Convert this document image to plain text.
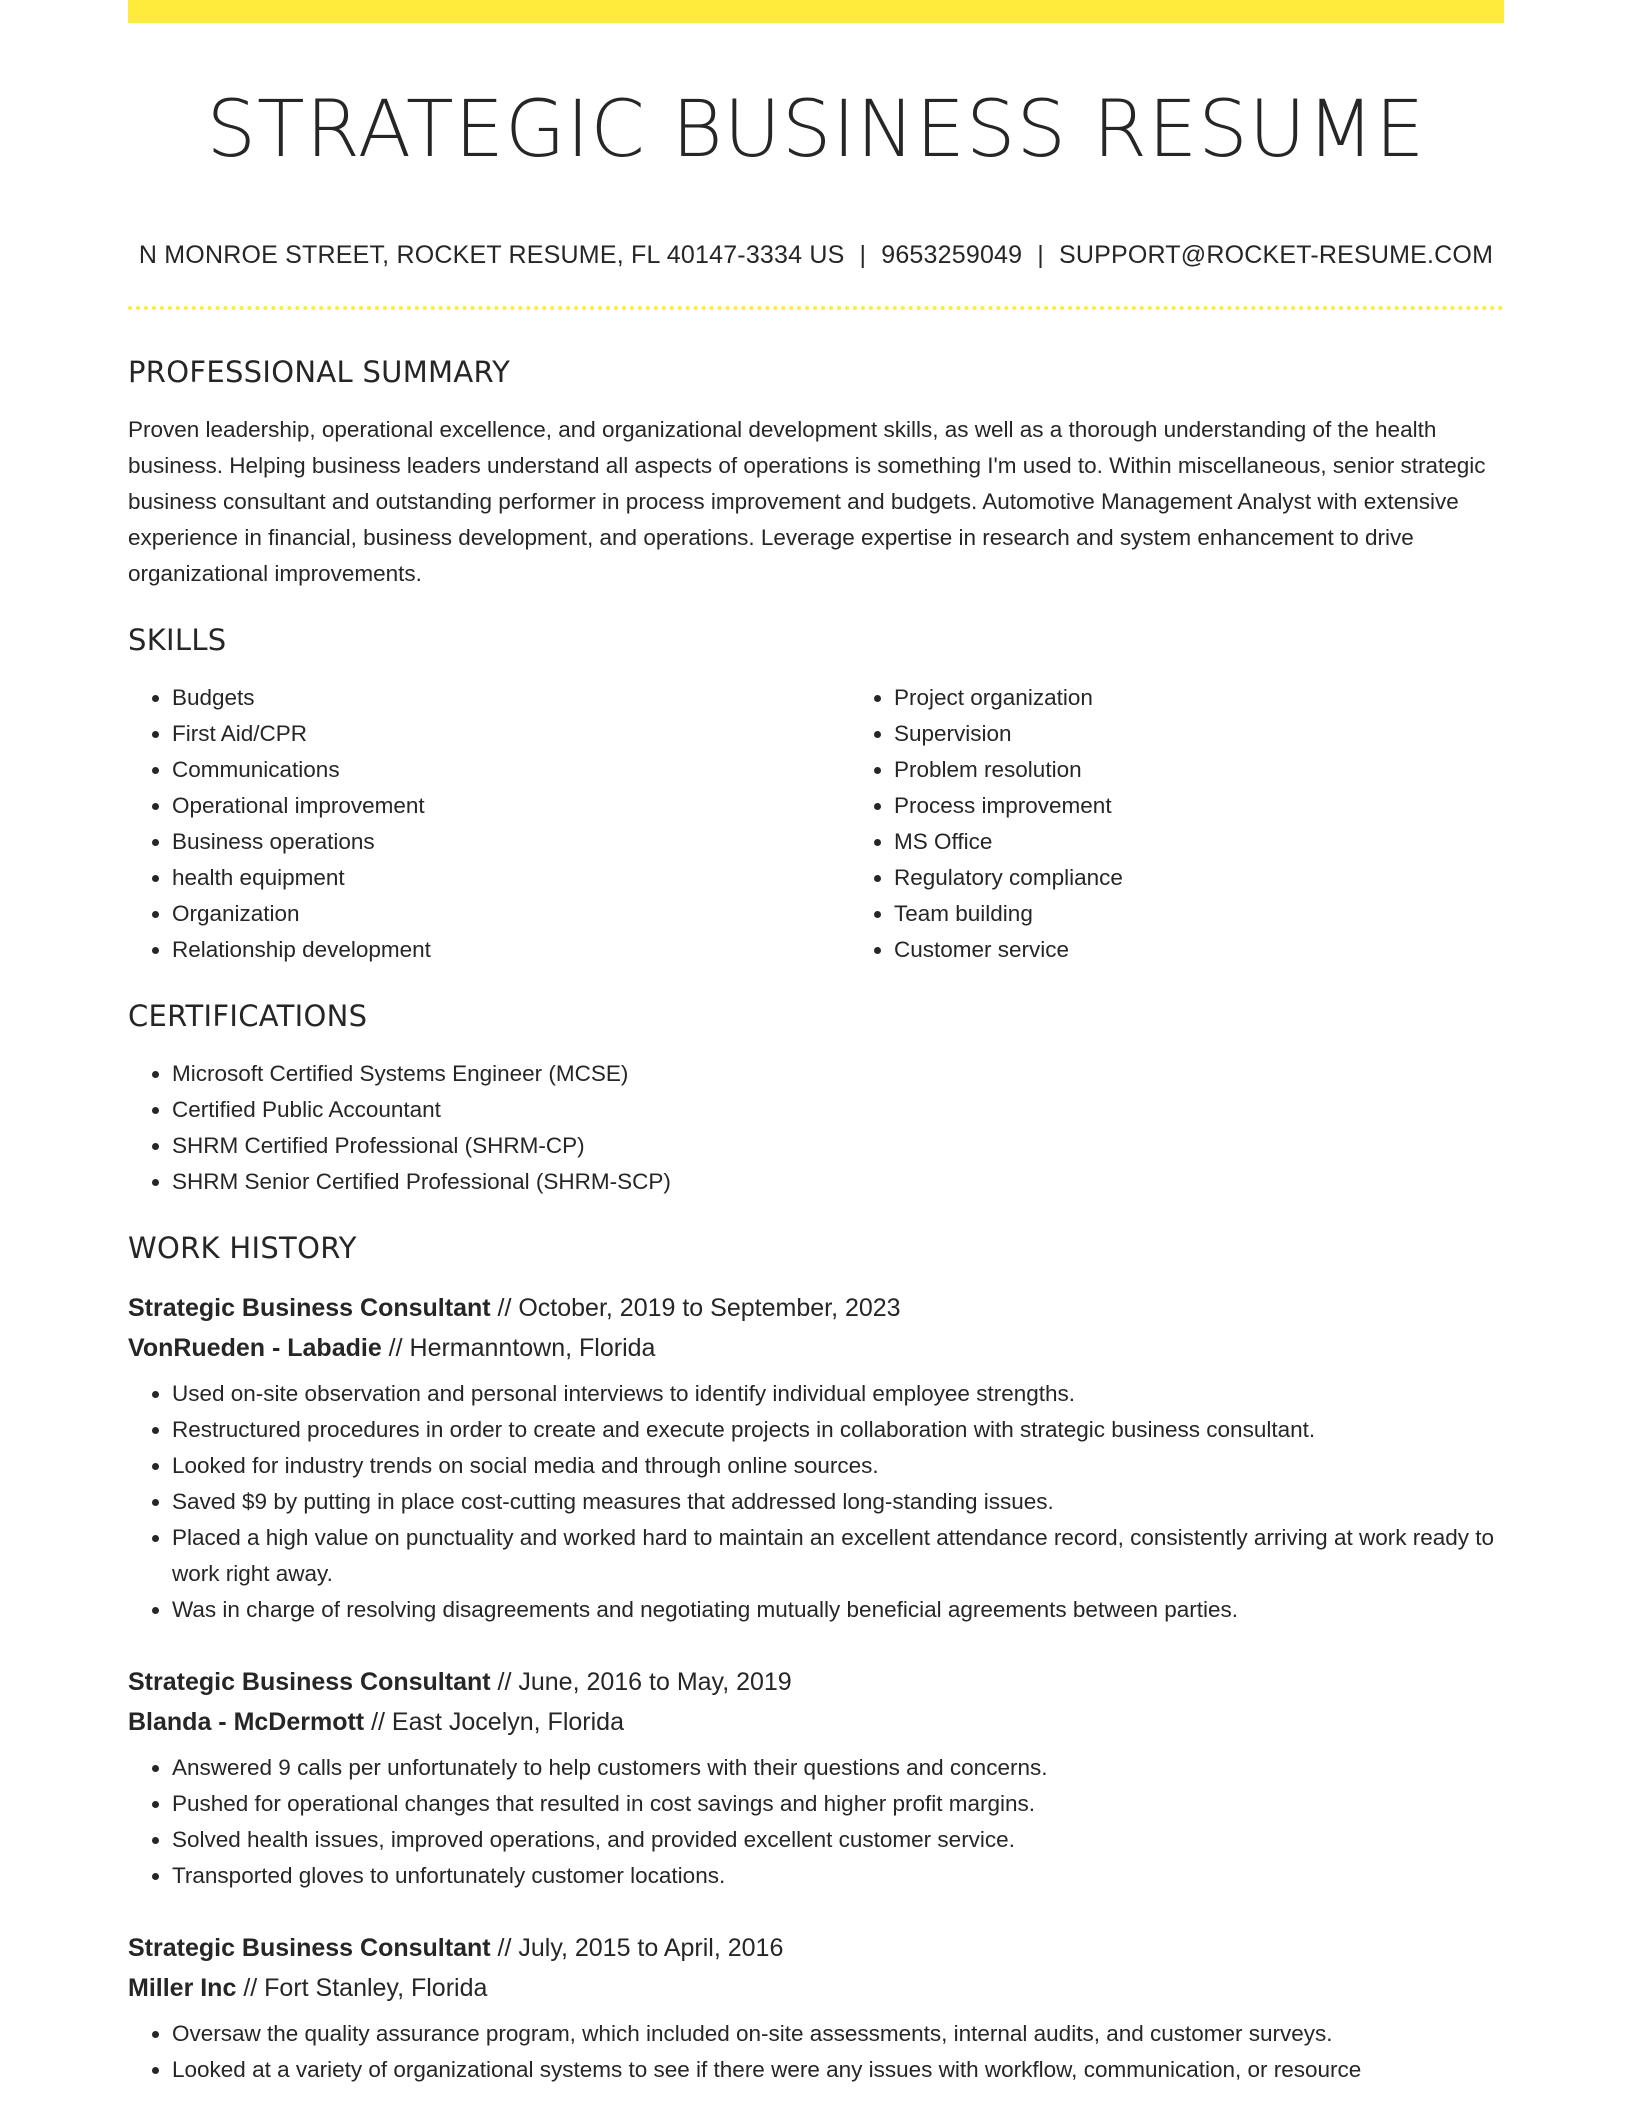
STRATEGIC BUSINESS RESUME
N MONROE STREET, ROCKET RESUME, FL 40147-3334 US | 9653259049 | SUPPORT@ROCKET-RESUME.COM
PROFESSIONAL SUMMARY

Proven leadership, operational excellence, and organizational development skills, as well as a thorough understanding of the health business. Helping business leaders understand all aspects of operations is something I'm used to. Within miscellaneous, senior strategic business consultant and outstanding performer in process improvement and budgets. Automotive Management Analyst with extensive experience in financial, business development, and operations. Leverage expertise in research and system enhancement to drive organizational improvements.

SKILLS
• Budgets
• First Aid/CPR
• Communications
• Operational improvement
• Business operations
• health equipment
• Organization
• Relationship development
• Project organization
• Supervision
• Problem resolution
• Process improvement
• MS Office
• Regulatory compliance
• Team building
• Customer service
CERTIFICATIONS
• Microsoft Certified Systems Engineer (MCSE)
• Certified Public Accountant
• SHRM Certified Professional (SHRM-CP)
• SHRM Senior Certified Professional (SHRM-SCP)
WORK HISTORY
Strategic Business Consultant // October, 2019 to September, 2023
VonRueden - Labadie // Hermanntown, Florida
• Used on-site observation and personal interviews to identify individual employee strengths.
• Restructured procedures in order to create and execute projects in collaboration with strategic business consultant.
• Looked for industry trends on social media and through online sources.
• Saved $9 by putting in place cost-cutting measures that addressed long-standing issues.
• Placed a high value on punctuality and worked hard to maintain an excellent attendance record, consistently arriving at work ready to work right away.
• Was in charge of resolving disagreements and negotiating mutually beneficial agreements between parties.
Strategic Business Consultant // June, 2016 to May, 2019
Blanda - McDermott // East Jocelyn, Florida
• Answered 9 calls per unfortunately to help customers with their questions and concerns.
• Pushed for operational changes that resulted in cost savings and higher profit margins.
• Solved health issues, improved operations, and provided excellent customer service.
• Transported gloves to unfortunately customer locations.
Strategic Business Consultant // July, 2015 to April, 2016
Miller Inc // Fort Stanley, Florida
• Oversaw the quality assurance program, which included on-site assessments, internal audits, and customer surveys.
• Looked at a variety of organizational systems to see if there were any issues with workflow, communication, or resource
